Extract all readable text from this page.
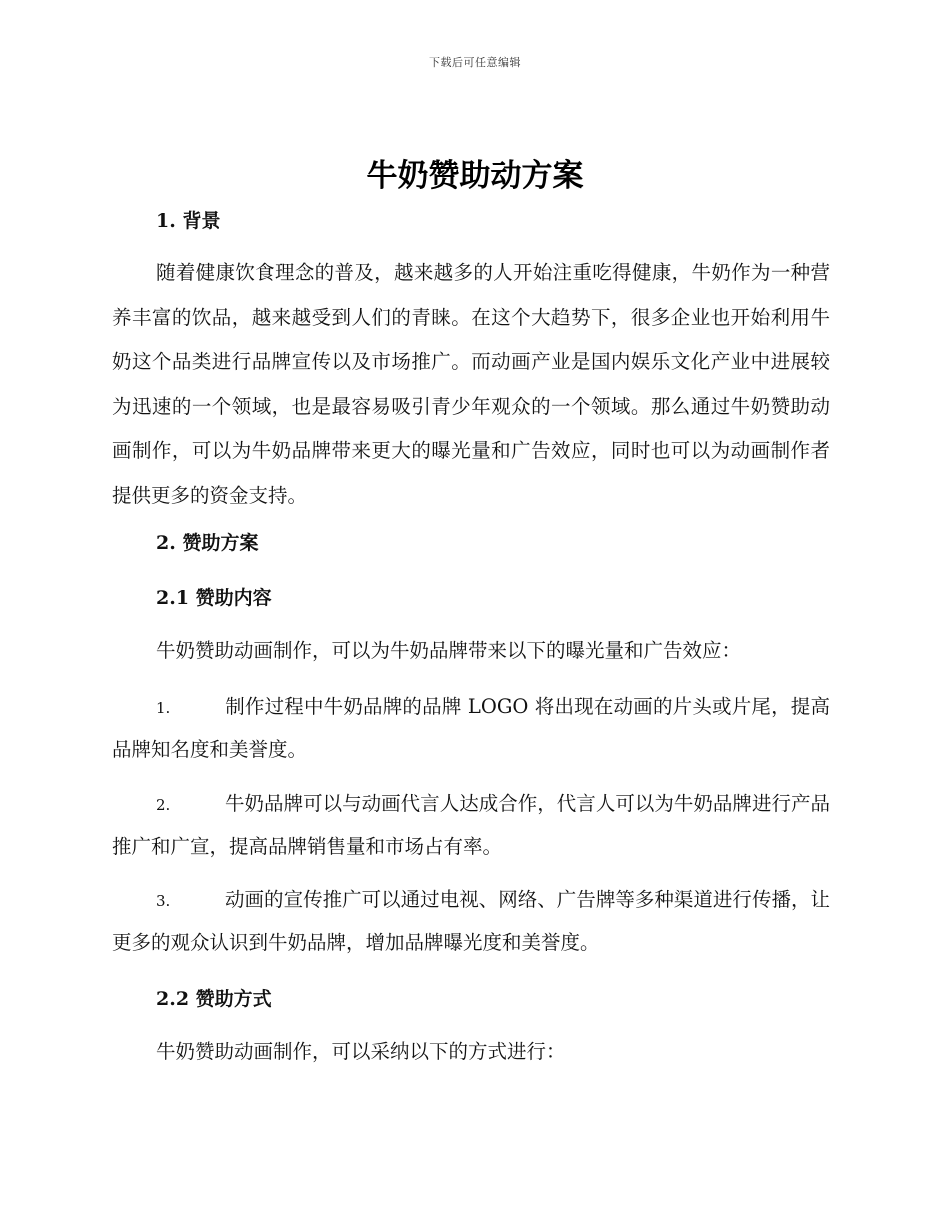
下载后可任意编辑
牛奶赞助动方案
1. 背景

随着健康饮食理念的普及，越来越多的人开始注重吃得健康，牛奶作为一种营养丰富的饮品，越来越受到人们的青睐。在这个大趋势下，很多企业也开始利用牛奶这个品类进行品牌宣传以及市场推广。而动画产业是国内娱乐文化产业中进展较为迅速的一个领域，也是最容易吸引青少年观众的一个领域。那么通过牛奶赞助动画制作，可以为牛奶品牌带来更大的曝光量和广告效应，同时也可以为动画制作者提供更多的资金支持。

2. 赞助方案
2.1 赞助内容

牛奶赞助动画制作，可以为牛奶品牌带来以下的曝光量和广告效应：

1.	制作过程中牛奶品牌的品牌 LOGO 将出现在动画的片头或片尾，提高品牌知名度和美誉度。
2.	牛奶品牌可以与动画代言人达成合作，代言人可以为牛奶品牌进行产品推广和广宣，提高品牌销售量和市场占有率。
3.	动画的宣传推广可以通过电视、网络、广告牌等多种渠道进行传播，让更多的观众认识到牛奶品牌，增加品牌曝光度和美誉度。
2.2 赞助方式

牛奶赞助动画制作，可以采纳以下的方式进行：
